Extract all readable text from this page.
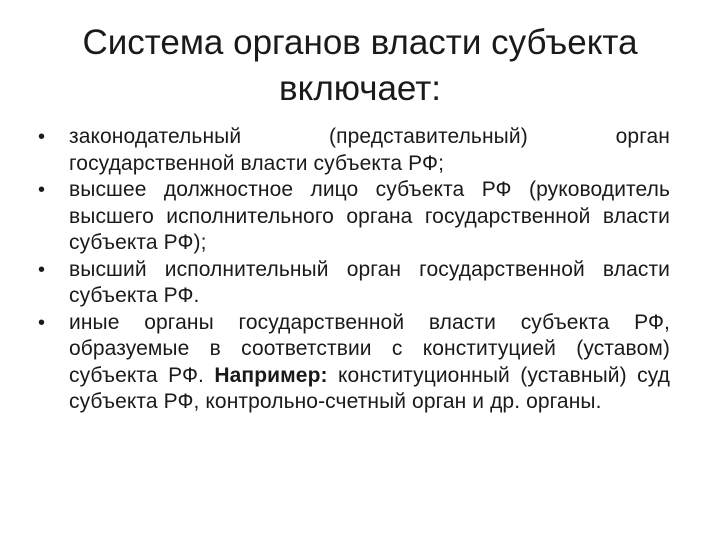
Система органов власти субъекта
включает:
•	законодательный (представительный) орган государственной власти субъекта РФ;
•	высшее должностное лицо субъекта РФ (руководитель высшего исполнительного органа государственной власти субъекта РФ);
•	высший исполнительный орган государственной власти субъекта РФ.
•	иные органы государственной власти субъекта РФ, образуемые в соответствии с конституцией (уставом) субъекта РФ. Например: конституционный (уставный) суд субъекта РФ, контрольно-счетный орган и др. органы.
